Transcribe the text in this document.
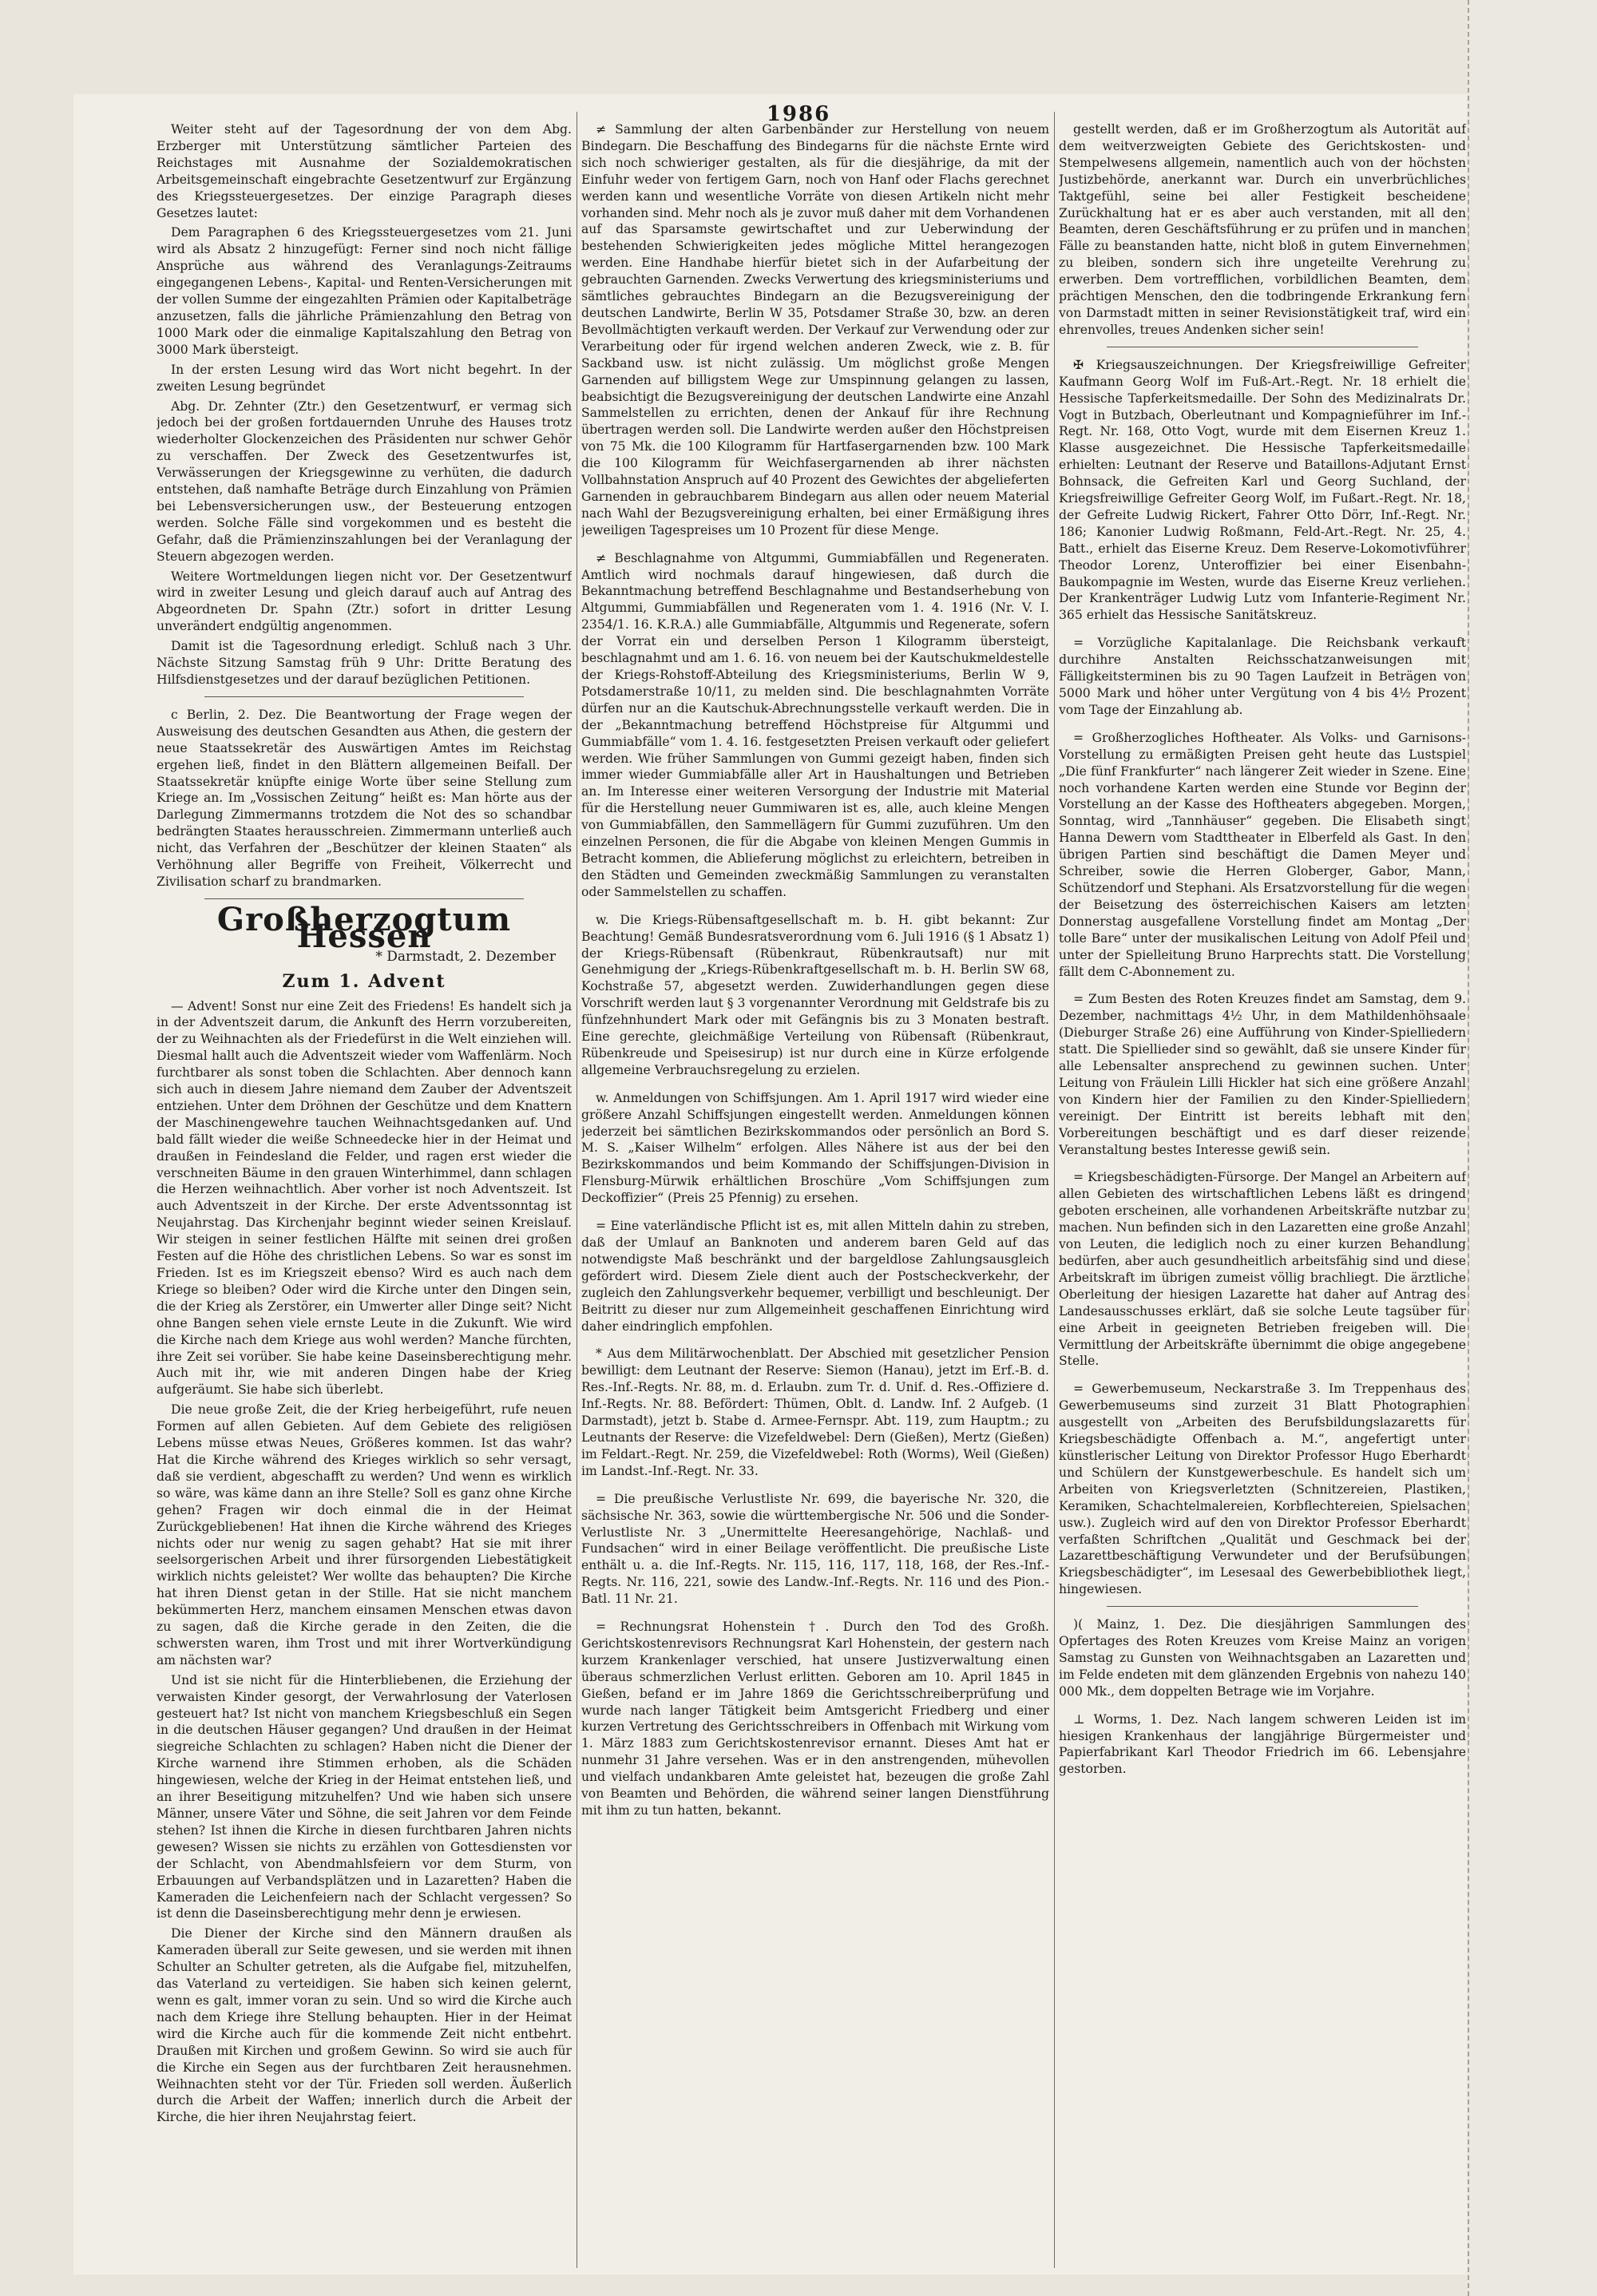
1986

Weiter steht auf der Tagesordnung der von dem Abg. Erzberger mit Unterstützung sämtlicher Parteien des Reichstages mit Ausnahme der Sozialdemokratischen Arbeitsgemeinschaft eingebrachte Gesetzentwurf zur Ergänzung des Kriegssteuergesetzes. Der einzige Paragraph dieses Gesetzes lautet:

Dem Paragraphen 6 des Kriegssteuergesetzes vom 21. Juni wird als Absatz 2 hinzugefügt: Ferner sind noch nicht fällige Ansprüche aus während des Veranlagungs-Zeitraums eingegangenen Lebens-, Kapital- und Renten-Versicherungen mit der vollen Summe der eingezahlten Prämien oder Kapitalbeträge anzusetzen, falls die jährliche Prämienzahlung den Betrag von 1000 Mark oder die einmalige Kapitalszahlung den Betrag von 3000 Mark übersteigt.

In der ersten Lesung wird das Wort nicht begehrt. In der zweiten Lesung begründet

Abg. Dr. Zehnter (Ztr.) den Gesetzentwurf, er vermag sich jedoch bei der großen fortdauernden Unruhe des Hauses trotz wiederholter Glockenzeichen des Präsidenten nur schwer Gehör zu verschaffen. Der Zweck des Gesetzentwurfes ist, Verwässerungen der Kriegsgewinne zu verhüten, die dadurch entstehen, daß namhafte Beträge durch Einzahlung von Prämien bei Lebensversicherungen usw., der Besteuerung entzogen werden. Solche Fälle sind vorgekommen und es besteht die Gefahr, daß die Prämienzinszahlungen bei der Veranlagung der Steuern abgezogen werden.

Weitere Wortmeldungen liegen nicht vor. Der Gesetzentwurf wird in zweiter Lesung und gleich darauf auch auf Antrag des Abgeordneten Dr. Spahn (Ztr.) sofort in dritter Lesung unverändert endgültig angenommen.

Damit ist die Tagesordnung erledigt. Schluß nach 3 Uhr. Nächste Sitzung Samstag früh 9 Uhr: Dritte Beratung des Hilfsdienstgesetzes und der darauf bezüglichen Petitionen.

c Berlin, 2. Dez. Die Beantwortung der Frage wegen der Ausweisung des deutschen Gesandten aus Athen, die gestern der neue Staatssekretär des Auswärtigen Amtes im Reichstag ergehen ließ, findet in den Blättern allgemeinen Beifall. Der Staatssekretär knüpfte einige Worte über seine Stellung zum Kriege an. Im „Vossischen Zeitung“ heißt es: Man hörte aus der Darlegung Zimmermanns trotzdem die Not des so schandbar bedrängten Staates herausschreien. Zimmermann unterließ auch nicht, das Verfahren der „Beschützer der kleinen Staaten“ als Verhöhnung aller Begriffe von Freiheit, Völkerrecht und Zivilisation scharf zu brandmarken.

Großherzogtum Hessen
* Darmstadt, 2. Dezember
Zum 1. Advent

— Advent! Sonst nur eine Zeit des Friedens! Es handelt sich ja in der Adventszeit darum, die Ankunft des Herrn vorzubereiten, der zu Weihnachten als der Friedefürst in die Welt einziehen will. Diesmal hallt auch die Adventszeit wieder vom Waffenlärm. Noch furchtbarer als sonst toben die Schlachten. Aber dennoch kann sich auch in diesem Jahre niemand dem Zauber der Adventszeit entziehen. Unter dem Dröhnen der Geschütze und dem Knattern der Maschinengewehre tauchen Weihnachtsgedanken auf. Und bald fällt wieder die weiße Schneedecke hier in der Heimat und draußen in Feindesland die Felder, und ragen erst wieder die verschneiten Bäume in den grauen Winterhimmel, dann schlagen die Herzen weihnachtlich. Aber vorher ist noch Adventszeit. Ist auch Adventszeit in der Kirche. Der erste Adventssonntag ist Neujahrstag. Das Kirchenjahr beginnt wieder seinen Kreislauf. Wir steigen in seiner festlichen Hälfte mit seinen drei großen Festen auf die Höhe des christlichen Lebens. So war es sonst im Frieden. Ist es im Kriegszeit ebenso? Wird es auch nach dem Kriege so bleiben? Oder wird die Kirche unter den Dingen sein, die der Krieg als Zerstörer, ein Umwerter aller Dinge seit? Nicht ohne Bangen sehen viele ernste Leute in die Zukunft. Wie wird die Kirche nach dem Kriege aus wohl werden? Manche fürchten, ihre Zeit sei vorüber. Sie habe keine Daseinsberechtigung mehr. Auch mit ihr, wie mit anderen Dingen habe der Krieg aufgeräumt. Sie habe sich überlebt.

Die neue große Zeit, die der Krieg herbeigeführt, rufe neuen Formen auf allen Gebieten. Auf dem Gebiete des religiösen Lebens müsse etwas Neues, Größeres kommen. Ist das wahr? Hat die Kirche während des Krieges wirklich so sehr versagt, daß sie verdient, abgeschafft zu werden? Und wenn es wirklich so wäre, was käme dann an ihre Stelle? Soll es ganz ohne Kirche gehen? Fragen wir doch einmal die in der Heimat Zurückgebliebenen! Hat ihnen die Kirche während des Krieges nichts oder nur wenig zu sagen gehabt? Hat sie mit ihrer seelsorgerischen Arbeit und ihrer fürsorgenden Liebestätigkeit wirklich nichts geleistet? Wer wollte das behaupten? Die Kirche hat ihren Dienst getan in der Stille. Hat sie nicht manchem bekümmerten Herz, manchem einsamen Menschen etwas davon zu sagen, daß die Kirche gerade in den Zeiten, die die schwersten waren, ihm Trost und mit ihrer Wortverkündigung am nächsten war?

Und ist sie nicht für die Hinterbliebenen, die Erziehung der verwaisten Kinder gesorgt, der Verwahrlosung der Vaterlosen gesteuert hat? Ist nicht von manchem Kriegsbeschluß ein Segen in die deutschen Häuser gegangen? Und draußen in der Heimat siegreiche Schlachten zu schlagen? Haben nicht die Diener der Kirche warnend ihre Stimmen erhoben, als die Schäden hingewiesen, welche der Krieg in der Heimat entstehen ließ, und an ihrer Beseitigung mitzuhelfen? Und wie haben sich unsere Männer, unsere Väter und Söhne, die seit Jahren vor dem Feinde stehen? Ist ihnen die Kirche in diesen furchtbaren Jahren nichts gewesen? Wissen sie nichts zu erzählen von Gottesdiensten vor der Schlacht, von Abendmahlsfeiern vor dem Sturm, von Erbauungen auf Verbandsplätzen und in Lazaretten? Haben die Kameraden die Leichenfeiern nach der Schlacht vergessen? So ist denn die Daseinsberechtigung mehr denn je erwiesen.

Die Diener der Kirche sind den Männern draußen als Kameraden überall zur Seite gewesen, und sie werden mit ihnen Schulter an Schulter getreten, als die Aufgabe fiel, mitzuhelfen, das Vaterland zu verteidigen. Sie haben sich keinen gelernt, wenn es galt, immer voran zu sein. Und so wird die Kirche auch nach dem Kriege ihre Stellung behaupten. Hier in der Heimat wird die Kirche auch für die kommende Zeit nicht entbehrt. Draußen mit Kirchen und großem Gewinn. So wird sie auch für die Kirche ein Segen aus der furchtbaren Zeit herausnehmen. Weihnachten steht vor der Tür. Frieden soll werden. Äußerlich durch die Arbeit der Waffen; innerlich durch die Arbeit der Kirche, die hier ihren Neujahrstag feiert.

≠ Sammlung der alten Garbenbänder zur Herstellung von neuem Bindegarn. Die Beschaffung des Bindegarns für die nächste Ernte wird sich noch schwieriger gestalten, als für die diesjährige, da mit der Einfuhr weder von fertigem Garn, noch von Hanf oder Flachs gerechnet werden kann und wesentliche Vorräte von diesen Artikeln nicht mehr vorhanden sind. Mehr noch als je zuvor muß daher mit dem Vorhandenen auf das Sparsamste gewirtschaftet und zur Ueberwindung der bestehenden Schwierigkeiten jedes mögliche Mittel herangezogen werden. Eine Handhabe hierfür bietet sich in der Aufarbeitung der gebrauchten Garnenden. Zwecks Verwertung des kriegsministeriums und sämtliches gebrauchtes Bindegarn an die Bezugsvereinigung der deutschen Landwirte, Berlin W 35, Potsdamer Straße 30, bzw. an deren Bevollmächtigten verkauft werden. Der Verkauf zur Verwendung oder zur Verarbeitung oder für irgend welchen anderen Zweck, wie z. B. für Sackband usw. ist nicht zulässig. Um möglichst große Mengen Garnenden auf billigstem Wege zur Umspinnung gelangen zu lassen, beabsichtigt die Bezugsvereinigung der deutschen Landwirte eine Anzahl Sammelstellen zu errichten, denen der Ankauf für ihre Rechnung übertragen werden soll. Die Landwirte werden außer den Höchstpreisen von 75 Mk. die 100 Kilogramm für Hartfasergarnenden bzw. 100 Mark die 100 Kilogramm für Weichfasergarnenden ab ihrer nächsten Vollbahnstation Anspruch auf 40 Prozent des Gewichtes der abgelieferten Garnenden in gebrauchbarem Bindegarn aus allen oder neuem Material nach Wahl der Bezugsvereinigung erhalten, bei einer Ermäßigung ihres jeweiligen Tagespreises um 10 Prozent für diese Menge.

≠ Beschlagnahme von Altgummi, Gummiabfällen und Regeneraten. Amtlich wird nochmals darauf hingewiesen, daß durch die Bekanntmachung betreffend Beschlagnahme und Bestandserhebung von Altgummi, Gummiabfällen und Regeneraten vom 1. 4. 1916 (Nr. V. I. 2354/1. 16. K.R.A.) alle Gummiabfälle, Altgummis und Regenerate, sofern der Vorrat ein und derselben Person 1 Kilogramm übersteigt, beschlagnahmt und am 1. 6. 16. von neuem bei der Kautschukmeldestelle der Kriegs-Rohstoff-Abteilung des Kriegsministeriums, Berlin W 9, Potsdamerstraße 10/11, zu melden sind. Die beschlagnahmten Vorräte dürfen nur an die Kautschuk-Abrechnungsstelle verkauft werden. Die in der „Bekanntmachung betreffend Höchstpreise für Altgummi und Gummiabfälle“ vom 1. 4. 16. festgesetzten Preisen verkauft oder geliefert werden. Wie früher Sammlungen von Gummi gezeigt haben, finden sich immer wieder Gummiabfälle aller Art in Haushaltungen und Betrieben an. Im Interesse einer weiteren Versorgung der Industrie mit Material für die Herstellung neuer Gummiwaren ist es, alle, auch kleine Mengen von Gummiabfällen, den Sammellägern für Gummi zuzuführen. Um den einzelnen Personen, die für die Abgabe von kleinen Mengen Gummis in Betracht kommen, die Ablieferung möglichst zu erleichtern, betreiben in den Städten und Gemeinden zweckmäßig Sammlungen zu veranstalten oder Sammelstellen zu schaffen.

w. Die Kriegs-Rübensaftgesellschaft m. b. H. gibt bekannt: Zur Beachtung! Gemäß Bundesratsverordnung vom 6. Juli 1916 (§ 1 Absatz 1) der Kriegs-Rübensaft (Rübenkraut, Rübenkrautsaft) nur mit Genehmigung der „Kriegs-Rübenkraftgesellschaft m. b. H. Berlin SW 68, Kochstraße 57, abgesetzt werden. Zuwiderhandlungen gegen diese Vorschrift werden laut § 3 vorgenannter Verordnung mit Geldstrafe bis zu fünfzehnhundert Mark oder mit Gefängnis bis zu 3 Monaten bestraft. Eine gerechte, gleichmäßige Verteilung von Rübensaft (Rübenkraut, Rübenkreude und Speisesirup) ist nur durch eine in Kürze erfolgende allgemeine Verbrauchsregelung zu erzielen.

w. Anmeldungen von Schiffsjungen. Am 1. April 1917 wird wieder eine größere Anzahl Schiffsjungen eingestellt werden. Anmeldungen können jederzeit bei sämtlichen Bezirkskommandos oder persönlich an Bord S. M. S. „Kaiser Wilhelm“ erfolgen. Alles Nähere ist aus der bei den Bezirkskommandos und beim Kommando der Schiffsjungen-Division in Flensburg-Mürwik erhältlichen Broschüre „Vom Schiffsjungen zum Deckoffizier“ (Preis 25 Pfennig) zu ersehen.

= Eine vaterländische Pflicht ist es, mit allen Mitteln dahin zu streben, daß der Umlauf an Banknoten und anderem baren Geld auf das notwendigste Maß beschränkt und der bargeldlose Zahlungsausgleich gefördert wird. Diesem Ziele dient auch der Postscheckverkehr, der zugleich den Zahlungsverkehr bequemer, verbilligt und beschleunigt. Der Beitritt zu dieser nur zum Allgemeinheit geschaffenen Einrichtung wird daher eindringlich empfohlen.

* Aus dem Militärwochenblatt. Der Abschied mit gesetzlicher Pension bewilligt: dem Leutnant der Reserve: Siemon (Hanau), jetzt im Erf.-B. d. Res.-Inf.-Regts. Nr. 88, m. d. Erlaubn. zum Tr. d. Unif. d. Res.-Offiziere d. Inf.-Regts. Nr. 88. Befördert: Thümen, Oblt. d. Landw. Inf. 2 Aufgeb. (1 Darmstadt), jetzt b. Stabe d. Armee-Fernspr. Abt. 119, zum Hauptm.; zu Leutnants der Reserve: die Vizefeldwebel: Dern (Gießen), Mertz (Gießen) im Feldart.-Regt. Nr. 259, die Vizefeldwebel: Roth (Worms), Weil (Gießen) im Landst.-Inf.-Regt. Nr. 33.

= Die preußische Verlustliste Nr. 699, die bayerische Nr. 320, die sächsische Nr. 363, sowie die württembergische Nr. 506 und die Sonder-Verlustliste Nr. 3 „Unermittelte Heeresangehörige, Nachlaß- und Fundsachen“ wird in einer Beilage veröffentlicht. Die preußische Liste enthält u. a. die Inf.-Regts. Nr. 115, 116, 117, 118, 168, der Res.-Inf.-Regts. Nr. 116, 221, sowie des Landw.-Inf.-Regts. Nr. 116 und des Pion.-Batl. 11 Nr. 21.

= Rechnungsrat Hohenstein †. Durch den Tod des Großh. Gerichtskostenrevisors Rechnungsrat Karl Hohenstein, der gestern nach kurzem Krankenlager verschied, hat unsere Justizverwaltung einen überaus schmerzlichen Verlust erlitten. Geboren am 10. April 1845 in Gießen, befand er im Jahre 1869 die Gerichtsschreiberprüfung und wurde nach langer Tätigkeit beim Amtsgericht Friedberg und einer kurzen Vertretung des Gerichtsschreibers in Offenbach mit Wirkung vom 1. März 1883 zum Gerichtskostenrevisor ernannt. Dieses Amt hat er nunmehr 31 Jahre versehen. Was er in den anstrengenden, mühevollen und vielfach undankbaren Amte geleistet hat, bezeugen die große Zahl von Beamten und Behörden, die während seiner langen Dienstführung mit ihm zu tun hatten, bekannt.

gestellt werden, daß er im Großherzogtum als Autorität auf dem weitverzweigten Gebiete des Gerichtskosten- und Stempelwesens allgemein, namentlich auch von der höchsten Justizbehörde, anerkannt war. Durch ein unverbrüchliches Taktgefühl, seine bei aller Festigkeit bescheidene Zurückhaltung hat er es aber auch verstanden, mit all den Beamten, deren Geschäftsführung er zu prüfen und in manchen Fälle zu beanstanden hatte, nicht bloß in gutem Einvernehmen zu bleiben, sondern sich ihre ungeteilte Verehrung zu erwerben. Dem vortrefflichen, vorbildlichen Beamten, dem prächtigen Menschen, den die todbringende Erkrankung fern von Darmstadt mitten in seiner Revisionstätigkeit traf, wird ein ehrenvolles, treues Andenken sicher sein!

✠ Kriegsauszeichnungen. Der Kriegsfreiwillige Gefreiter Kaufmann Georg Wolf im Fuß-Art.-Regt. Nr. 18 erhielt die Hessische Tapferkeitsmedaille. Der Sohn des Medizinalrats Dr. Vogt in Butzbach, Oberleutnant und Kompagnieführer im Inf.-Regt. Nr. 168, Otto Vogt, wurde mit dem Eisernen Kreuz 1. Klasse ausgezeichnet. Die Hessische Tapferkeitsmedaille erhielten: Leutnant der Reserve und Bataillons-Adjutant Ernst Bohnsack, die Gefreiten Karl und Georg Suchland, der Kriegsfreiwillige Gefreiter Georg Wolf, im Fußart.-Regt. Nr. 18, der Gefreite Ludwig Rickert, Fahrer Otto Dörr, Inf.-Regt. Nr. 186; Kanonier Ludwig Roßmann, Feld-Art.-Regt. Nr. 25, 4. Batt., erhielt das Eiserne Kreuz. Dem Reserve-Lokomotivführer Theodor Lorenz, Unteroffizier bei einer Eisenbahn-Baukompagnie im Westen, wurde das Eiserne Kreuz verliehen. Der Krankenträger Ludwig Lutz vom Infanterie-Regiment Nr. 365 erhielt das Hessische Sanitätskreuz.

= Vorzügliche Kapitalanlage. Die Reichsbank verkauft durchihre Anstalten Reichsschatzanweisungen mit Fälligkeitsterminen bis zu 90 Tagen Laufzeit in Beträgen von 5000 Mark und höher unter Vergütung von 4 bis 4½ Prozent vom Tage der Einzahlung ab.

= Großherzogliches Hoftheater. Als Volks- und Garnisons-Vorstellung zu ermäßigten Preisen geht heute das Lustspiel „Die fünf Frankfurter“ nach längerer Zeit wieder in Szene. Eine noch vorhandene Karten werden eine Stunde vor Beginn der Vorstellung an der Kasse des Hoftheaters abgegeben. Morgen, Sonntag, wird „Tannhäuser“ gegeben. Die Elisabeth singt Hanna Dewern vom Stadttheater in Elberfeld als Gast. In den übrigen Partien sind beschäftigt die Damen Meyer und Schreiber, sowie die Herren Globerger, Gabor, Mann, Schützendorf und Stephani. Als Ersatzvorstellung für die wegen der Beisetzung des österreichischen Kaisers am letzten Donnerstag ausgefallene Vorstellung findet am Montag „Der tolle Bare“ unter der musikalischen Leitung von Adolf Pfeil und unter der Spielleitung Bruno Harprechts statt. Die Vorstellung fällt dem C-Abonnement zu.

= Zum Besten des Roten Kreuzes findet am Samstag, dem 9. Dezember, nachmittags 4½ Uhr, in dem Mathildenhöhsaale (Dieburger Straße 26) eine Aufführung von Kinder-Spielliedern statt. Die Spiellieder sind so gewählt, daß sie unsere Kinder für alle Lebensalter ansprechend zu gewinnen suchen. Unter Leitung von Fräulein Lilli Hickler hat sich eine größere Anzahl von Kindern hier der Familien zu den Kinder-Spielliedern vereinigt. Der Eintritt ist bereits lebhaft mit den Vorbereitungen beschäftigt und es darf dieser reizende Veranstaltung bestes Interesse gewiß sein.

= Kriegsbeschädigten-Fürsorge. Der Mangel an Arbeitern auf allen Gebieten des wirtschaftlichen Lebens läßt es dringend geboten erscheinen, alle vorhandenen Arbeitskräfte nutzbar zu machen. Nun befinden sich in den Lazaretten eine große Anzahl von Leuten, die lediglich noch zu einer kurzen Behandlung bedürfen, aber auch gesundheitlich arbeitsfähig sind und diese Arbeitskraft im übrigen zumeist völlig brachliegt. Die ärztliche Oberleitung der hiesigen Lazarette hat daher auf Antrag des Landesausschusses erklärt, daß sie solche Leute tagsüber für eine Arbeit in geeigneten Betrieben freigeben will. Die Vermittlung der Arbeitskräfte übernimmt die obige angegebene Stelle.

= Gewerbemuseum, Neckarstraße 3. Im Treppenhaus des Gewerbemuseums sind zurzeit 31 Blatt Photographien ausgestellt von „Arbeiten des Berufsbildungslazaretts für Kriegsbeschädigte Offenbach a. M.“, angefertigt unter künstlerischer Leitung von Direktor Professor Hugo Eberhardt und Schülern der Kunstgewerbeschule. Es handelt sich um Arbeiten von Kriegsverletzten (Schnitzereien, Plastiken, Keramiken, Schachtelmalereien, Korbflechtereien, Spielsachen usw.). Zugleich wird auf den von Direktor Professor Eberhardt verfaßten Schriftchen „Qualität und Geschmack bei der Lazarettbeschäftigung Verwundeter und der Berufsübungen Kriegsbeschädigter“, im Lesesaal des Gewerbebibliothek liegt, hingewiesen.

)( Mainz, 1. Dez. Die diesjährigen Sammlungen des Opfertages des Roten Kreuzes vom Kreise Mainz an vorigen Samstag zu Gunsten von Weihnachtsgaben an Lazaretten und im Felde endeten mit dem glänzenden Ergebnis von nahezu 140 000 Mk., dem doppelten Betrage wie im Vorjahre.

⊥ Worms, 1. Dez. Nach langem schweren Leiden ist im hiesigen Krankenhaus der langjährige Bürgermeister und Papierfabrikant Karl Theodor Friedrich im 66. Lebensjahre gestorben.
